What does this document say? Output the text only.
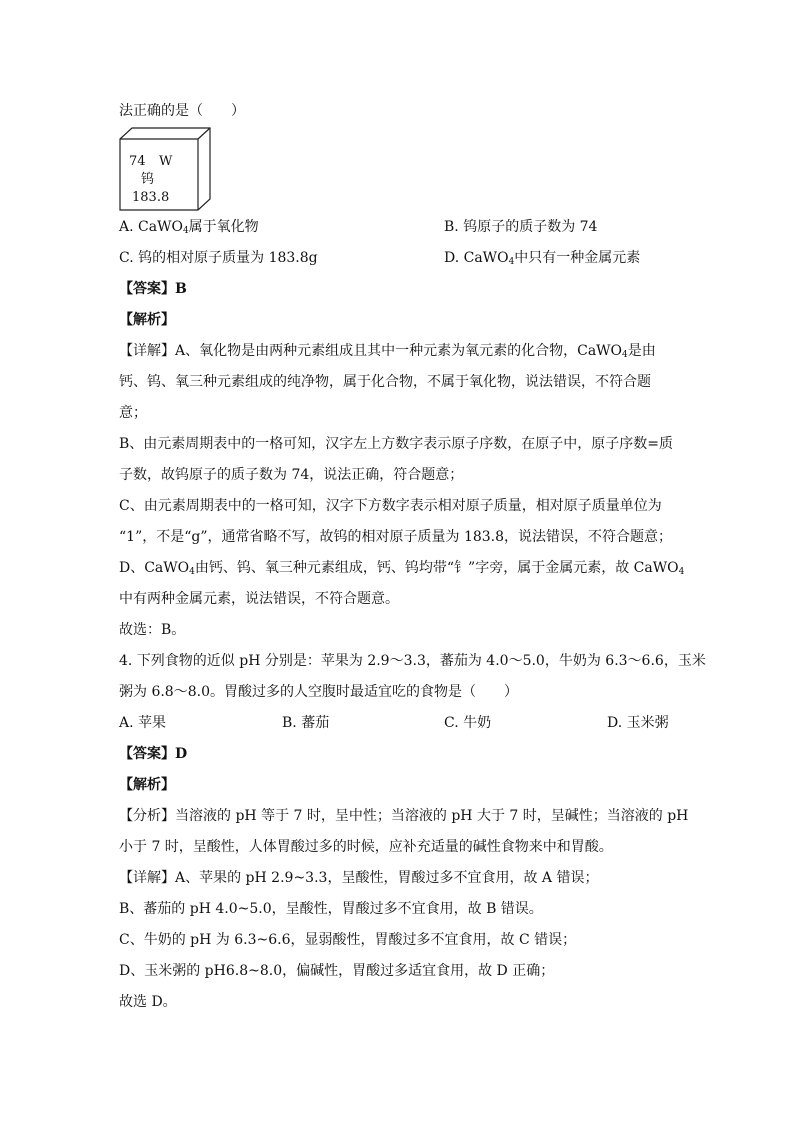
法正确的是（　　）
74 W
钨
183.8
A. CaWO$_4$属于氧化物	B. 钨原子的质子数为 74
C. 钨的相对原子质量为 183.8g	D. CaWO$_4$中只有一种金属元素
【答案】B
【解析】
【详解】A、氧化物是由两种元素组成且其中一种元素为氧元素的化合物，CaWO$_4$是由
钙、钨、氧三种元素组成的纯净物，属于化合物，不属于氧化物，说法错误，不符合题
意；
B、由元素周期表中的一格可知，汉字左上方数字表示原子序数，在原子中，原子序数=质
子数，故钨原子的质子数为 74，说法正确，符合题意；
C、由元素周期表中的一格可知，汉字下方数字表示相对原子质量，相对原子质量单位为
“1”，不是“g”，通常省略不写，故钨的相对原子质量为 183.8，说法错误，不符合题意；
D、CaWO$_4$由钙、钨、氧三种元素组成，钙、钨均带“钅”字旁，属于金属元素，故 CaWO$_4$
中有两种金属元素，说法错误，不符合题意。
故选：B。
4. 下列食物的近似 pH 分别是：苹果为 2.9～3.3，蕃茄为 4.0～5.0，牛奶为 6.3～6.6，玉米
粥为 6.8～8.0。胃酸过多的人空腹时最适宜吃的食物是（　　）
A. 苹果	B. 蕃茄	C. 牛奶	D. 玉米粥
【答案】D
【解析】
【分析】当溶液的 pH 等于 7 时，呈中性；当溶液的 pH 大于 7 时，呈碱性；当溶液的 pH
小于 7 时，呈酸性，人体胃酸过多的时候，应补充适量的碱性食物来中和胃酸。
【详解】A、苹果的 pH 2.9~3.3，呈酸性，胃酸过多不宜食用，故 A 错误；
B、蕃茄的 pH 4.0~5.0，呈酸性，胃酸过多不宜食用，故 B 错误。
C、牛奶的 pH 为 6.3~6.6，显弱酸性，胃酸过多不宜食用，故 C 错误；
D、玉米粥的 pH6.8~8.0，偏碱性，胃酸过多适宜食用，故 D 正确；
故选 D。
